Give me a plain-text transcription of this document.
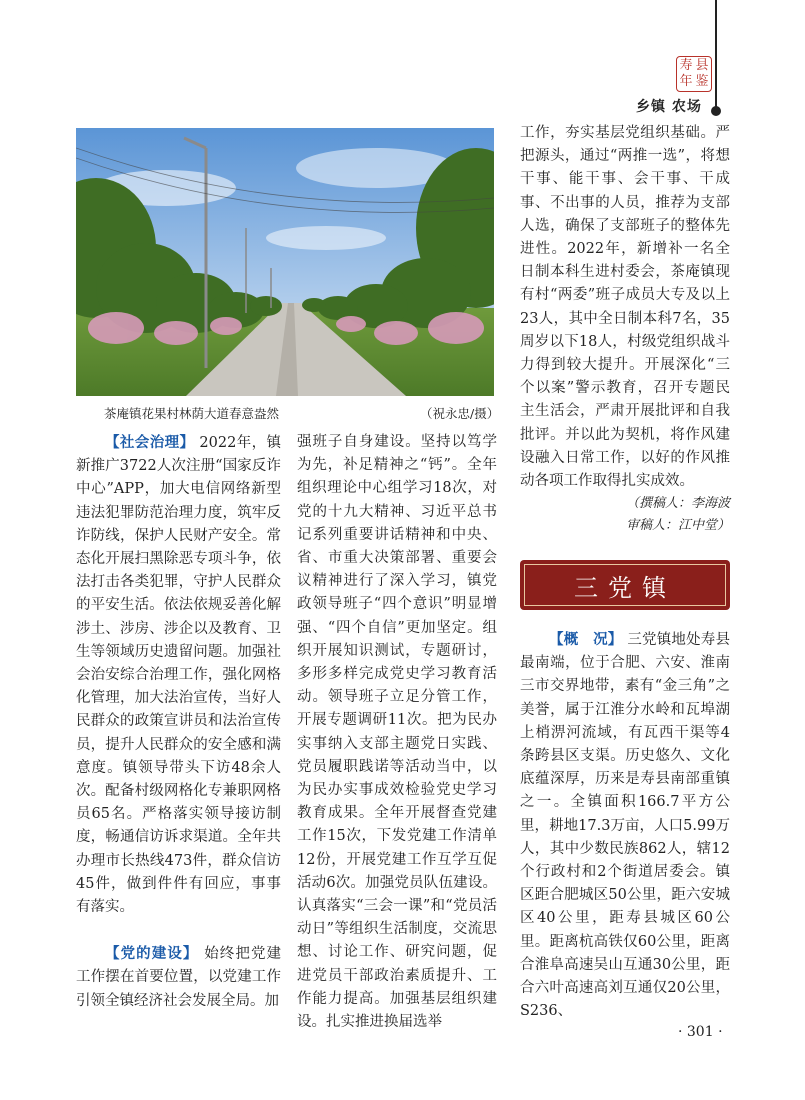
寿 县
年 鉴
乡镇 农场
茶庵镇花果村林荫大道春意盎然	（祝永忠/摄）

【社会治理】 2022年，镇新推广3722人次注册“国家反诈中心”APP，加大电信网络新型违法犯罪防范治理力度，筑牢反诈防线，保护人民财产安全。常态化开展扫黑除恶专项斗争，依法打击各类犯罪，守护人民群众的平安生活。依法依规妥善化解涉土、涉房、涉企以及教育、卫生等领域历史遗留问题。加强社会治安综合治理工作，强化网格化管理，加大法治宣传，当好人民群众的政策宣讲员和法治宣传员，提升人民群众的安全感和满意度。镇领导带头下访48余人次。配备村级网格化专兼职网格员65名。严格落实领导接访制度，畅通信访诉求渠道。全年共办理市长热线473件，群众信访45件，做到件件有回应，事事有落实。

【党的建设】 始终把党建工作摆在首要位置，以党建工作引领全镇经济社会发展全局。加

强班子自身建设。坚持以笃学为先，补足精神之“钙”。全年组织理论中心组学习18次，对党的十九大精神、习近平总书记系列重要讲话精神和中央、省、市重大决策部署、重要会议精神进行了深入学习，镇党政领导班子“四个意识”明显增强、“四个自信”更加坚定。组织开展知识测试，专题研讨，多形多样完成党史学习教育活动。领导班子立足分管工作，开展专题调研11次。把为民办实事纳入支部主题党日实践、党员履职践诺等活动当中，以为民办实事成效检验党史学习教育成果。全年开展督查党建工作15次，下发党建工作清单12份，开展党建工作互学互促活动6次。加强党员队伍建设。认真落实“三会一课”和“党员活动日”等组织生活制度，交流思想、讨论工作、研究问题，促进党员干部政治素质提升、工作能力提高。加强基层组织建设。扎实推进换届选举

工作，夯实基层党组织基础。严把源头，通过“两推一选”，将想干事、能干事、会干事、干成事、不出事的人员，推荐为支部人选，确保了支部班子的整体先进性。2022年，新增补一名全日制本科生进村委会，茶庵镇现有村“两委”班子成员大专及以上23人，其中全日制本科7名，35周岁以下18人，村级党组织战斗力得到较大提升。开展深化“三个以案”警示教育，召开专题民主生活会，严肃开展批评和自我批评。并以此为契机，将作风建设融入日常工作，以好的作风推动各项工作取得扎实成效。

（撰稿人：李海波
审稿人：江中堂）
三党镇

【概　况】 三党镇地处寿县最南端，位于合肥、六安、淮南三市交界地带，素有“金三角”之美誉，属于江淮分水岭和瓦埠湖上梢淠河流域，有瓦西干渠等4条跨县区支渠。历史悠久、文化底蕴深厚，历来是寿县南部重镇之一。全镇面积166.7平方公里，耕地17.3万亩，人口5.99万人，其中少数民族862人，辖12个行政村和2个街道居委会。镇区距合肥城区50公里，距六安城区40公里，距寿县城区60公里。距离杭高铁仅60公里，距离合淮阜高速吴山互通30公里，距合六叶高速高刘互通仅20公里，S236、

· 301 ·
